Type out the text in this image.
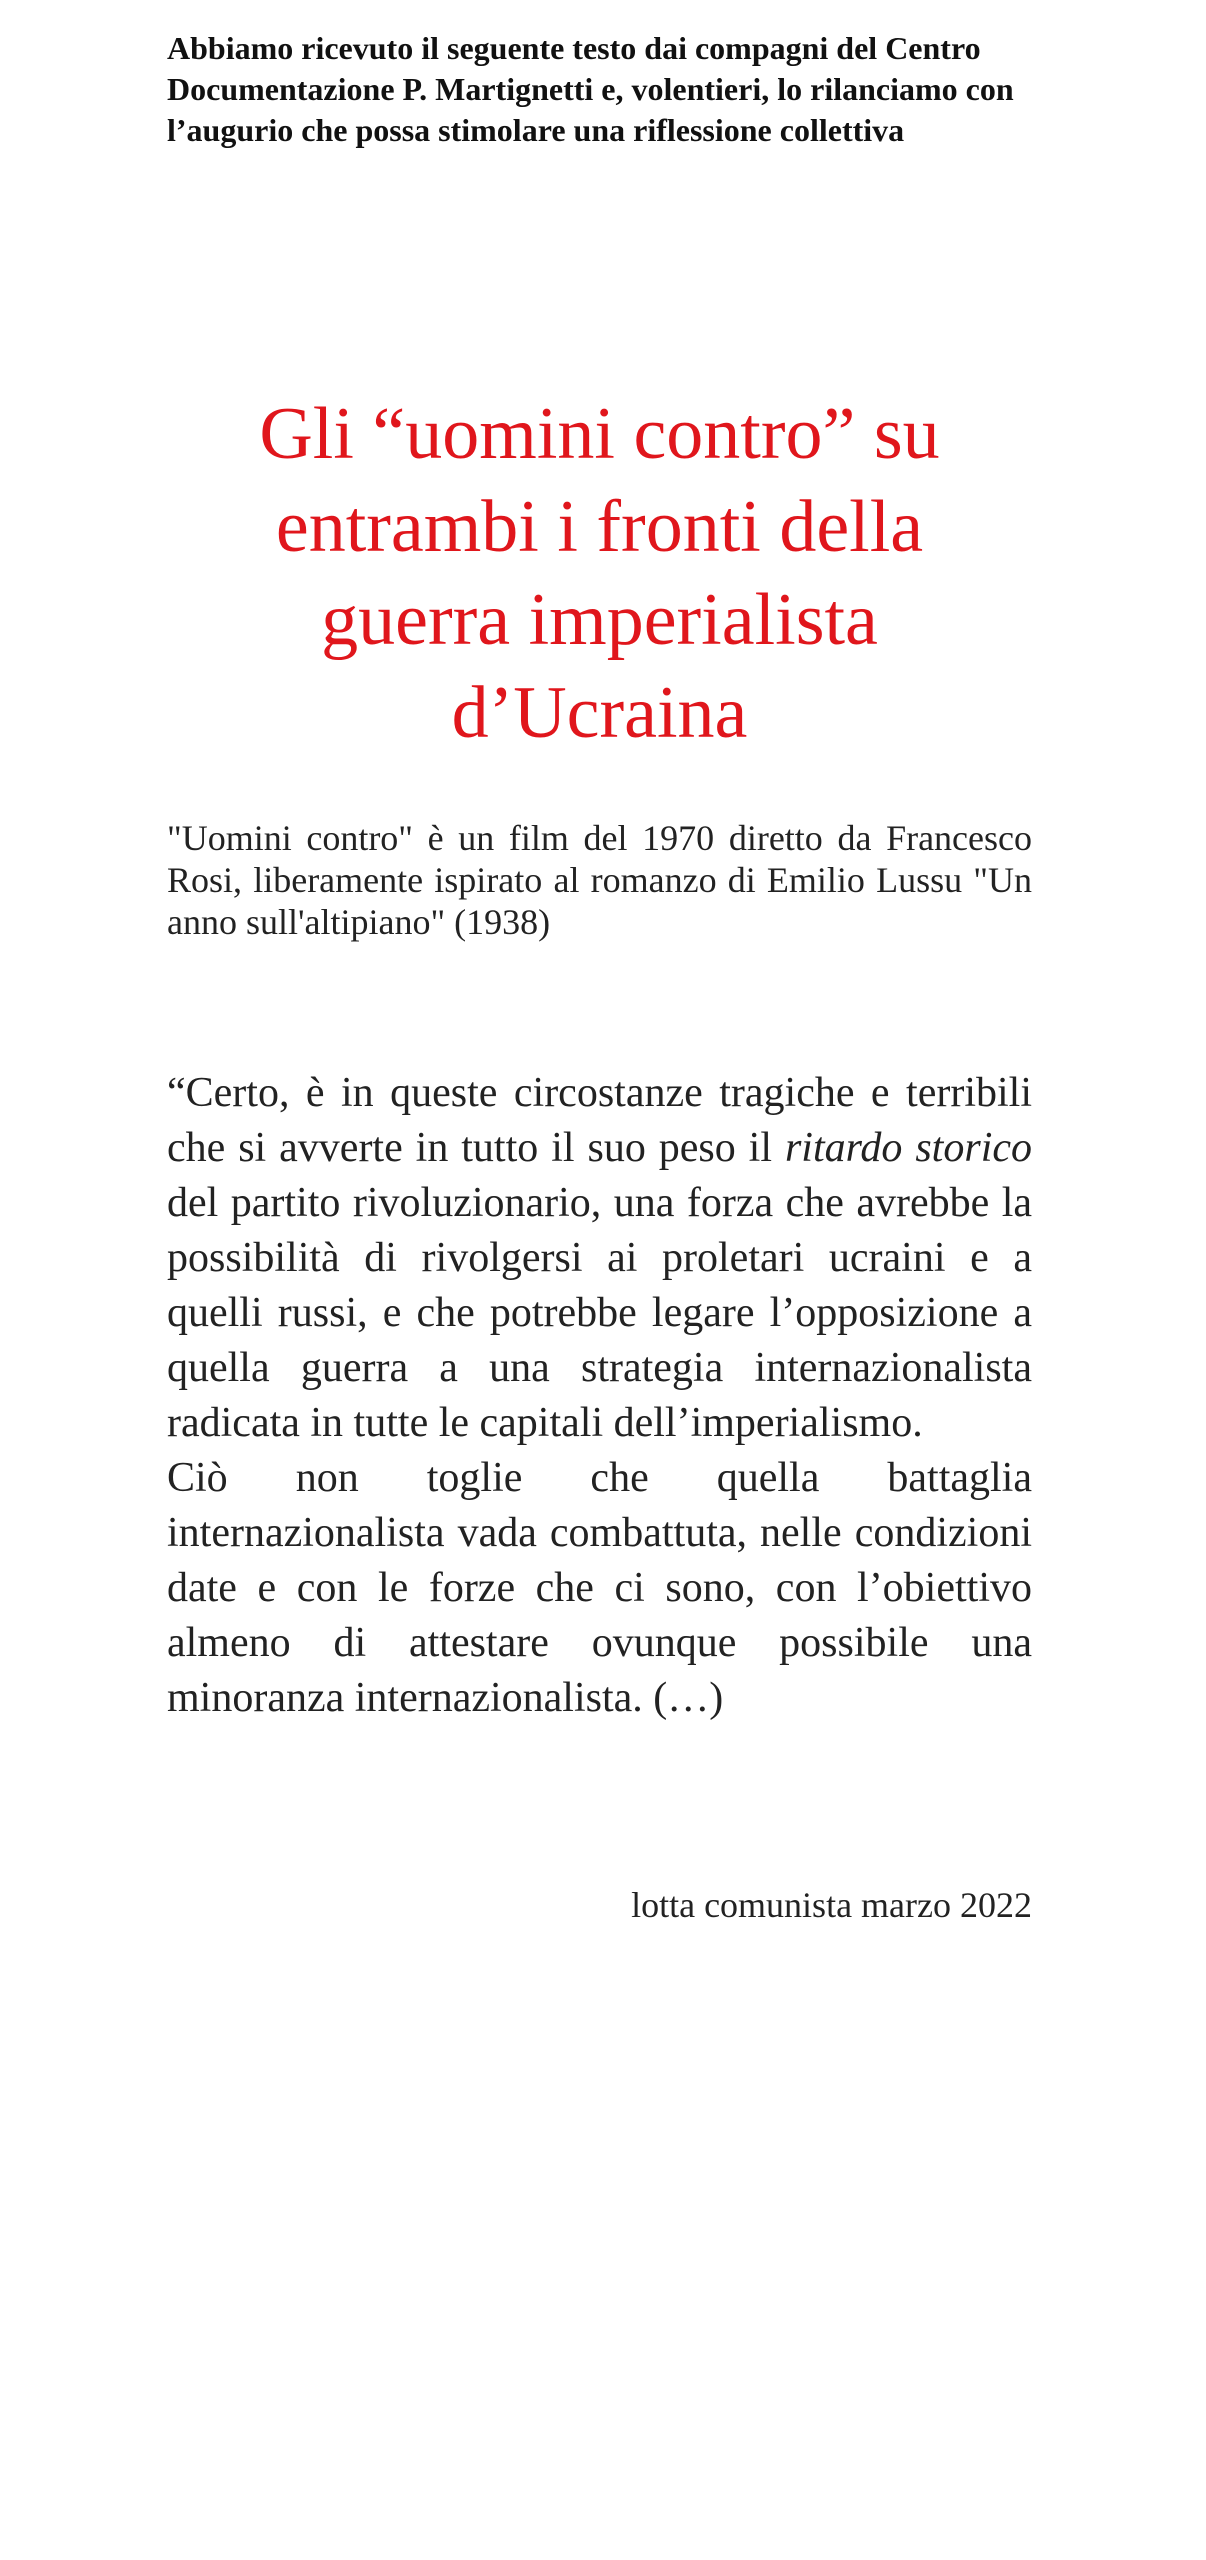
Abbiamo ricevuto il seguente testo dai compagni del Centro Documentazione P. Martignetti e, volentieri, lo rilanciamo con l’augurio che possa stimolare una riflessione collettiva
Gli “uomini contro” su
entrambi i fronti della
guerra imperialista
d’Ucraina
"Uomini contro" è un film del 1970 diretto da Francesco Rosi, liberamente ispirato al romanzo di Emilio Lussu "Un anno sull'altipiano" (1938)

“Certo, è in queste circostanze tragiche e terribili che si avverte in tutto il suo peso il ritardo storico del partito rivoluzionario, una forza che avrebbe la possibilità di rivolgersi ai proletari ucraini e a quelli russi, e che potrebbe legare l’opposizione a quella guerra a una strategia internazionalista radicata in tutte le capitali dell’imperialismo.

Ciò non toglie che quella battaglia internazionalista vada combattuta, nelle condizioni date e con le forze che ci sono, con l’obiettivo almeno di attestare ovunque possibile una minoranza internazionalista. (…)

lotta comunista marzo 2022
